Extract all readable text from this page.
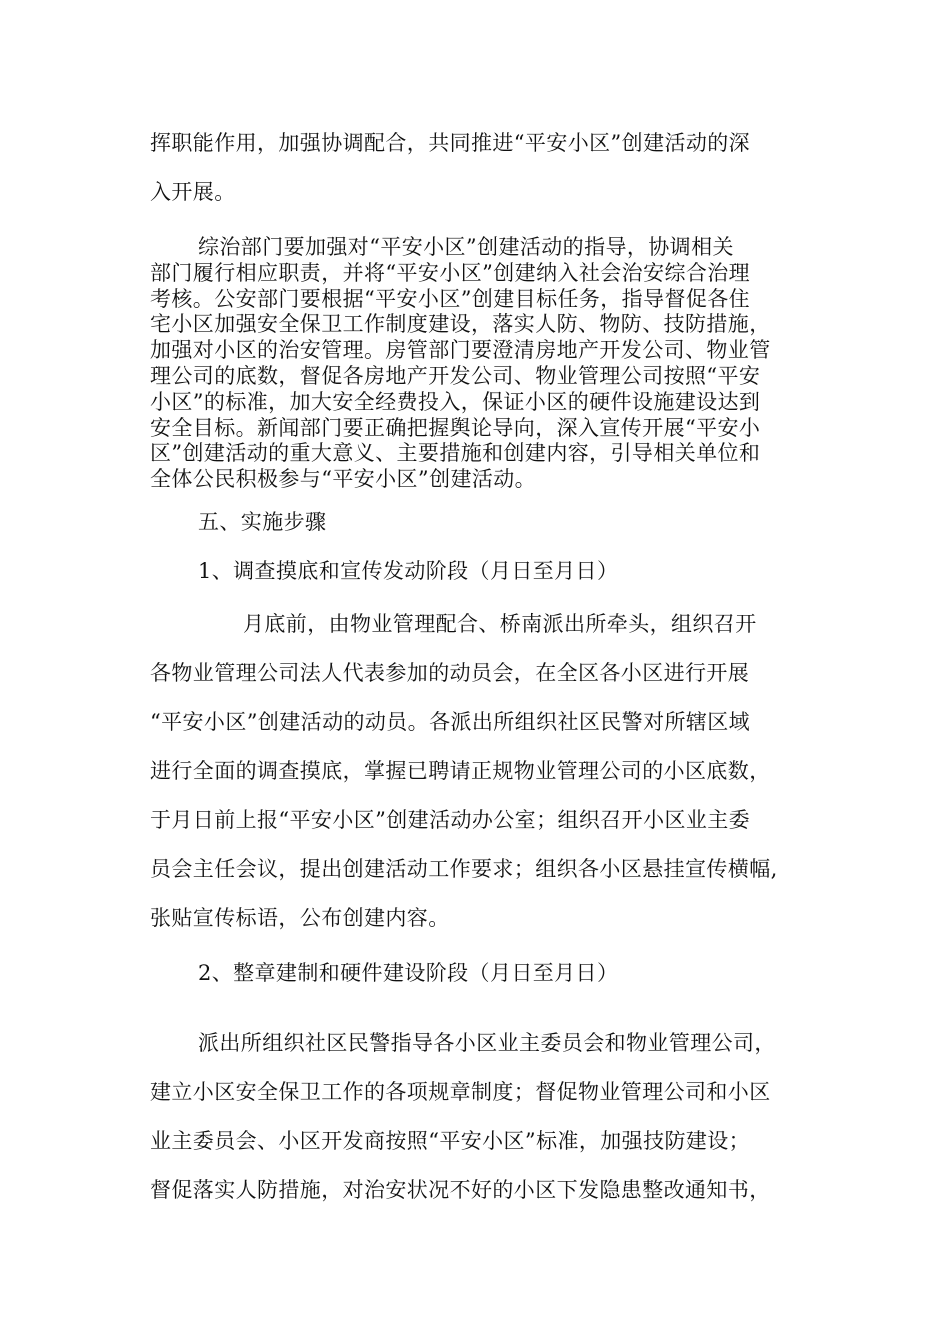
挥职能作用，加强协调配合，共同推进“平安小区”创建活动的深
入开展。
综治部门要加强对“平安小区”创建活动的指导，协调相关
部门履行相应职责，并将“平安小区”创建纳入社会治安综合治理
考核。公安部门要根据“平安小区”创建目标任务，指导督促各住
宅小区加强安全保卫工作制度建设，落实人防、物防、技防措施，
加强对小区的治安管理。房管部门要澄清房地产开发公司、物业管
理公司的底数，督促各房地产开发公司、物业管理公司按照“平安
小区”的标准，加大安全经费投入，保证小区的硬件设施建设达到
安全目标。新闻部门要正确把握舆论导向，深入宣传开展“平安小
区”创建活动的重大意义、主要措施和创建内容，引导相关单位和
全体公民积极参与“平安小区”创建活动。
五、实施步骤
1、调查摸底和宣传发动阶段（月日至月日）
月底前，由物业管理配合、桥南派出所牵头，组织召开
各物业管理公司法人代表参加的动员会，在全区各小区进行开展
“平安小区”创建活动的动员。各派出所组织社区民警对所辖区域
进行全面的调查摸底，掌握已聘请正规物业管理公司的小区底数，
于月日前上报“平安小区”创建活动办公室；组织召开小区业主委
员会主任会议，提出创建活动工作要求；组织各小区悬挂宣传横幅,
张贴宣传标语，公布创建内容。
2、整章建制和硬件建设阶段（月日至月日）
派出所组织社区民警指导各小区业主委员会和物业管理公司，
建立小区安全保卫工作的各项规章制度；督促物业管理公司和小区
业主委员会、小区开发商按照“平安小区”标准，加强技防建设；
督促落实人防措施，对治安状况不好的小区下发隐患整改通知书，
